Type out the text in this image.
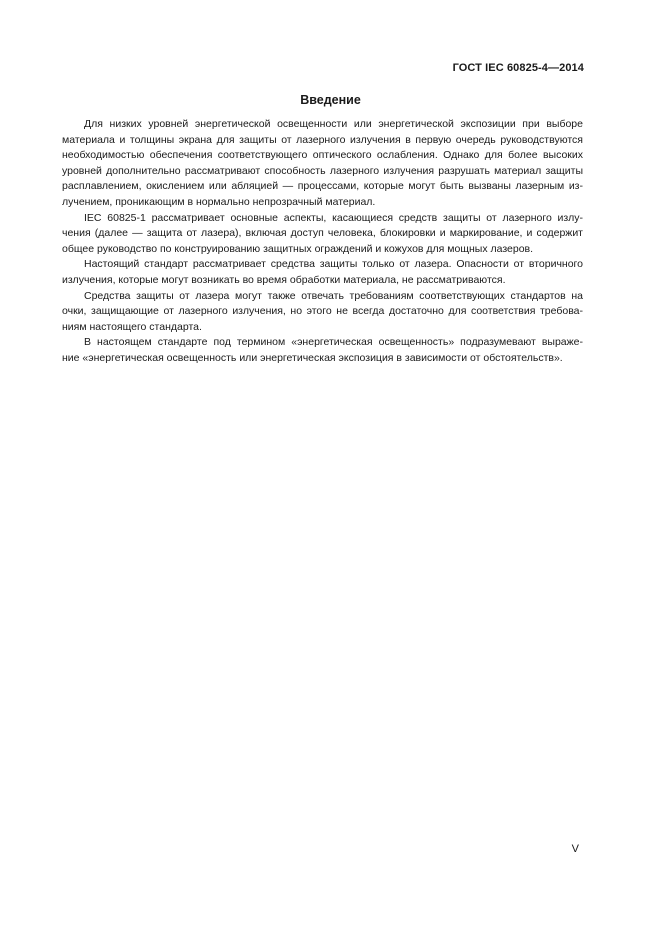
ГОСТ IEC 60825-4—2014
Введение
Для низких уровней энергетической освещенности или энергетической экспозиции при выборе
материала и толщины экрана для защиты от лазерного излучения в первую очередь руководствуются
необходимостью обеспечения соответствующего оптического ослабления. Однако для более высоких
уровней дополнительно рассматривают способность лазерного излучения разрушать материал защиты
расплавлением, окислением или абляцией — процессами, которые могут быть вызваны лазерным из-
лучением, проникающим в нормально непрозрачный материал.
IEC 60825-1 рассматривает основные аспекты, касающиеся средств защиты от лазерного излу-
чения (далее — защита от лазера), включая доступ человека, блокировки и маркирование, и содержит
общее руководство по конструированию защитных ограждений и кожухов для мощных лазеров.
Настоящий стандарт рассматривает средства защиты только от лазера. Опасности от вторичного
излучения, которые могут возникать во время обработки материала, не рассматриваются.
Средства защиты от лазера могут также отвечать требованиям соответствующих стандартов на
очки, защищающие от лазерного излучения, но этого не всегда достаточно для соответствия требова-
ниям настоящего стандарта.
В настоящем стандарте под термином «энергетическая освещенность» подразумевают выраже-
ние «энергетическая освещенность или энергетическая экспозиция в зависимости от обстоятельств».
V
